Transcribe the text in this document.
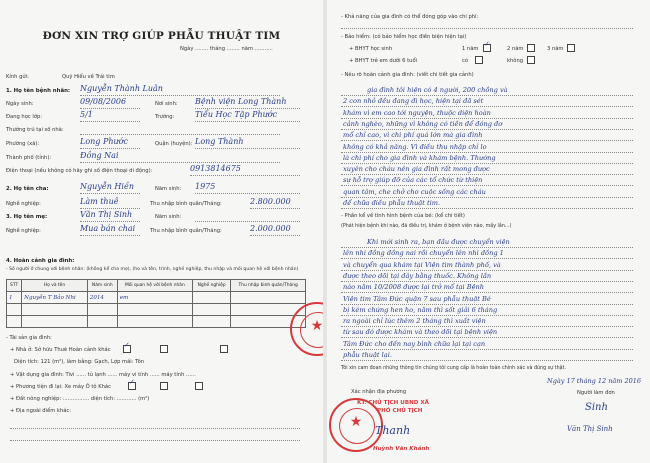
ĐƠN XIN TRỢ GIÚP PHẪU THUẬT TIM
Ngày ........ tháng ........ năm ...........
Kính gửi:	Quỹ Hiểu về Trái tim
1. Họ tên bệnh nhân: Nguyễn Thành Luân
Ngày sinh:	09/08/2006	Nơi sinh: Bệnh viện Long Thành
Đang học lớp:	5/1	Trường:	Tiểu Học Tập Phước
Thường trú tại số nhà:
Phường (xã):	Long Phước	Quận (huyện): Long Thành
Thành phố (tỉnh):	Đồng Nai
Điện thoại (nếu không có hãy ghi số điện thoại di động):	0913814675
2. Họ tên cha:	Nguyễn Hiền	Năm sinh: 1975
Nghề nghiệp:	Làm thuê	Thu nhập bình quân/Tháng:	2.800.000
3. Họ tên mẹ:	Văn Thị Sinh	Năm sinh:
Nghề nghiệp:	Mua bán chai	Thu nhập bình quân/Tháng:	2.000.000
4. Hoàn cảnh gia đình:
- Số người ở chung với bệnh nhân: (không kể cha mẹ), (họ và tên, trình, nghề nghiệp, thu nhập và mối quan hệ với bệnh nhân)
STT	Họ và tên	Năm sinh	Mối quan hệ với bệnh nhân	Nghề nghiệp	Thu nhập bình quân/Tháng
1	Nguyễn T Bảo Nhi	2014	em		

- Tài sản gia đình:
+ Nhà ở: Sở hữu Thuê Hoàn cảnh khác
✓
Diện tích: 121 (m²), làm bằng: Gạch, Lợp mái: Tôn
+ Vật dụng gia đình: Tivi ...... tủ lạnh ...... máy vi tính ...... máy tính ......
+ Phương tiện đi lại: Xe máy Ô tô Khác
✓
+ Đất nông nghiệp: ................ diện tích: ............ (m²)
+ Địa ngoài điểm khác:
★
- Khả năng của gia đình có thể đóng góp vào chi phí:
- Bảo hiểm: (có bảo hiểm học điền biện hiện tại)
+ BHYT học sinh	1 năm
✓
2 năm	3 năm
+ BHYT trẻ em dưới 6 tuổi	có	không
- Nêu rõ hoàn cảnh gia đình: (viết chi tiết gia cảnh)
gia đình tôi hiện có 4 người, 200 chồng và
2 con nhỏ đều đang đi học, hiện tại đã sét
khám vì em cao tới nguyện, thuộc diện hoàn
cảnh nghèo, những vì không có tiền để đóng đơ
mổ chỉ cao, vì chi phí quá lớn mà gia đình
không có khả năng. Vì điều thu nhập chỉ lo
là chi phí cho gia đình và khám bệnh. Thường
xuyên cho cháu nên gia đình rất mong được
sự hỗ trợ giúp đỡ của các tổ chức từ thiện
quan tâm, che chở cho cuộc sống các cháu
để chữa điều phẫu thuật tim.
- Phần kể về tình hình bệnh của bé: (kể chi tiết)
(Phát hiện bệnh khi nào, đã điều trị, khám ở bệnh viện nào, mấy lần...)
Khi mới sinh ra, bạn đầu được chuyển viện
lên nhi đồng đồng nai rồi chuyển lên nhi đồng 1
và chuyển qua khám tại Viện tim thành phố, và
được theo dõi tại đây bằng thuốc. Không lần
nào năm 10/2008 được lại trở mổ tại Bệnh
Viện tim Tâm Đức quận 7 sau phẫu thuật Bé
bị kém chứng hen ho, năm thì sốt giải 6 tháng
ra ngoài chỉ lúc thêm 2 tháng thì xuất viện
từ sau đó được khám và theo dõi tại bệnh viện
Tâm Đức cho đến nay bình chữa lại tại cạn
phẫu thuật lại.
Tôi xin cam đoan những thông tin chúng tôi cung cấp là hoàn toàn chính xác và đúng sự thật.
Ngày 17 tháng 12 năm 2016
Người làm đơn
Sinh
Văn Thị Sinh
Xác nhận địa phương
KT. CHỦ TỊCH UBND XÃ
PHÓ CHỦ TỊCH
★
Thanh
Huỳnh Văn Khánh
